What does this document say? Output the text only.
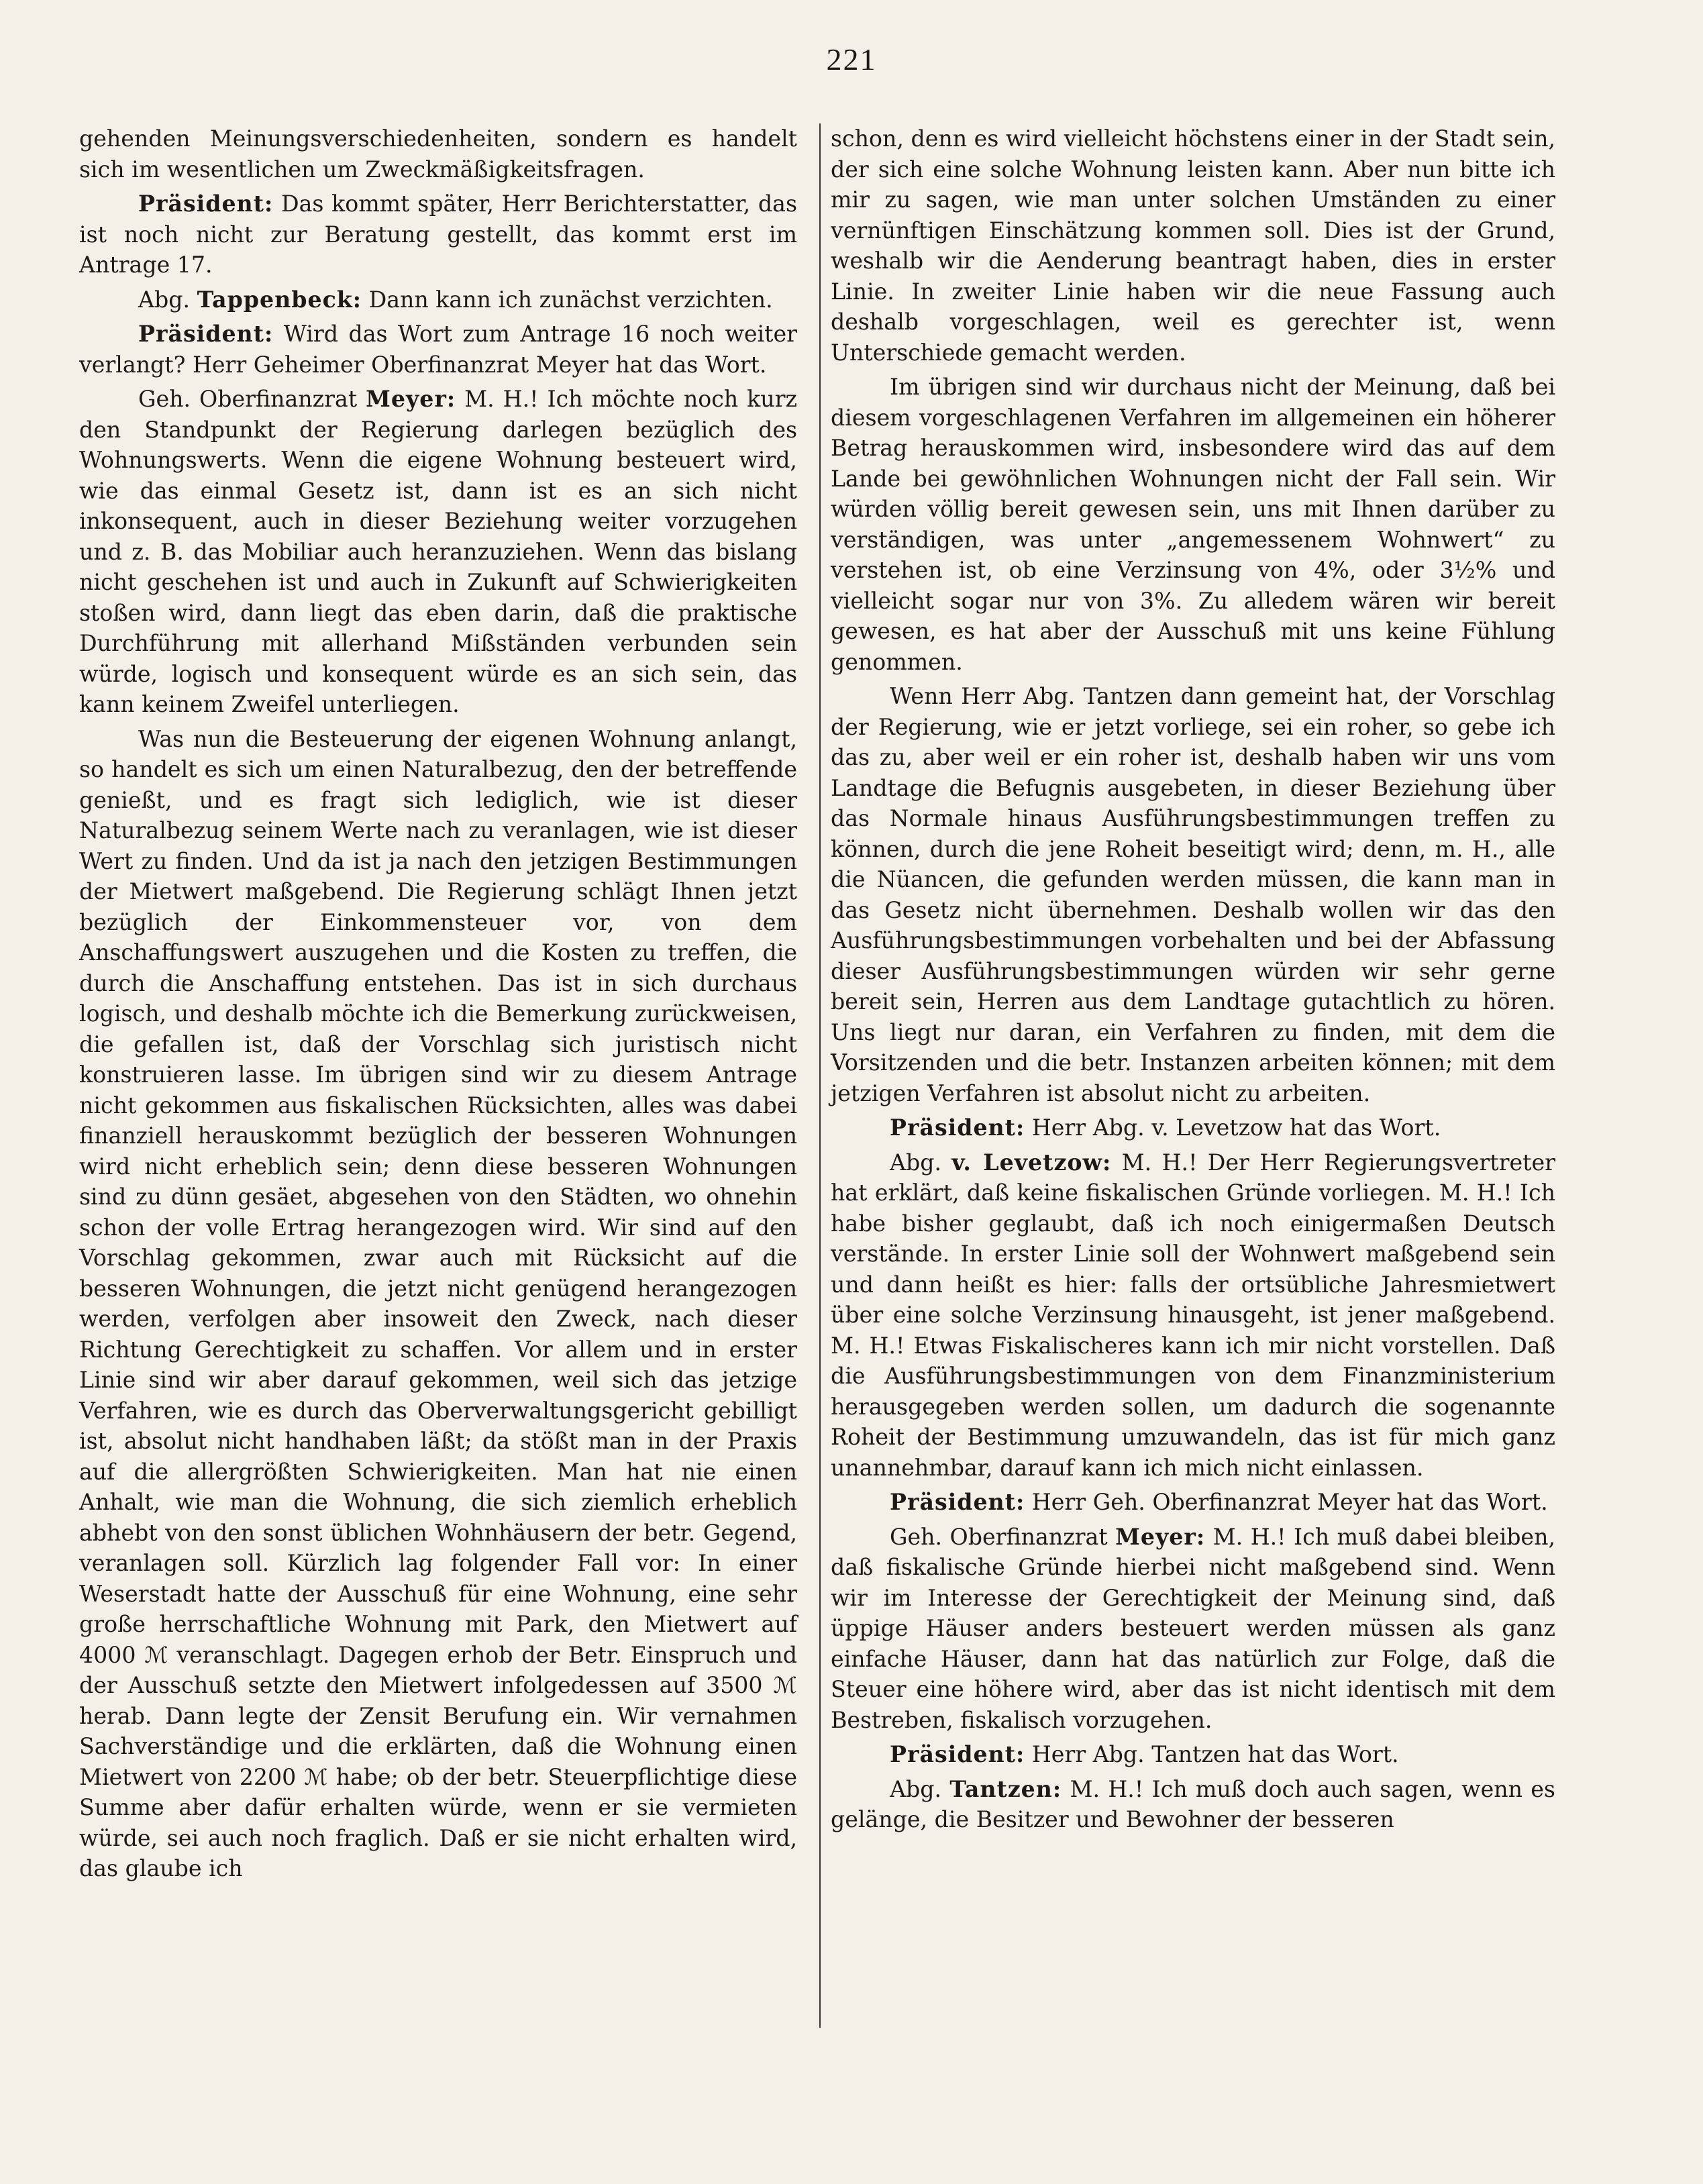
221

gehenden Meinungsverschiedenheiten, sondern es handelt sich im wesentlichen um Zweckmäßigkeitsfragen.

Präsident: Das kommt später, Herr Berichterstatter, das ist noch nicht zur Beratung gestellt, das kommt erst im Antrage 17.

Abg. Tappenbeck: Dann kann ich zunächst verzichten.

Präsident: Wird das Wort zum Antrage 16 noch weiter verlangt? Herr Geheimer Oberfinanzrat Meyer hat das Wort.

Geh. Oberfinanzrat Meyer: M. H.! Ich möchte noch kurz den Standpunkt der Regierung darlegen bezüglich des Wohnungswerts. Wenn die eigene Wohnung besteuert wird, wie das einmal Gesetz ist, dann ist es an sich nicht inkonsequent, auch in dieser Beziehung weiter vorzugehen und z. B. das Mobiliar auch heranzuziehen. Wenn das bislang nicht geschehen ist und auch in Zukunft auf Schwierigkeiten stoßen wird, dann liegt das eben darin, daß die praktische Durchführung mit allerhand Mißständen verbunden sein würde, logisch und konsequent würde es an sich sein, das kann keinem Zweifel unterliegen.

Was nun die Besteuerung der eigenen Wohnung anlangt, so handelt es sich um einen Naturalbezug, den der betreffende genießt, und es fragt sich lediglich, wie ist dieser Naturalbezug seinem Werte nach zu veranlagen, wie ist dieser Wert zu finden. Und da ist ja nach den jetzigen Bestimmungen der Mietwert maßgebend. Die Regierung schlägt Ihnen jetzt bezüglich der Einkommensteuer vor, von dem Anschaffungswert auszugehen und die Kosten zu treffen, die durch die Anschaffung entstehen. Das ist in sich durchaus logisch, und deshalb möchte ich die Bemerkung zurückweisen, die gefallen ist, daß der Vorschlag sich juristisch nicht konstruieren lasse. Im übrigen sind wir zu diesem Antrage nicht gekommen aus fiskalischen Rücksichten, alles was dabei finanziell herauskommt bezüglich der besseren Wohnungen wird nicht erheblich sein; denn diese besseren Wohnungen sind zu dünn gesäet, abgesehen von den Städten, wo ohnehin schon der volle Ertrag herangezogen wird. Wir sind auf den Vorschlag gekommen, zwar auch mit Rücksicht auf die besseren Wohnungen, die jetzt nicht genügend herangezogen werden, verfolgen aber insoweit den Zweck, nach dieser Richtung Gerechtigkeit zu schaffen. Vor allem und in erster Linie sind wir aber darauf gekommen, weil sich das jetzige Verfahren, wie es durch das Oberverwaltungsgericht gebilligt ist, absolut nicht handhaben läßt; da stößt man in der Praxis auf die allergrößten Schwierigkeiten. Man hat nie einen Anhalt, wie man die Wohnung, die sich ziemlich erheblich abhebt von den sonst üblichen Wohnhäusern der betr. Gegend, veranlagen soll. Kürzlich lag folgender Fall vor: In einer Weserstadt hatte der Ausschuß für eine Wohnung, eine sehr große herrschaftliche Wohnung mit Park, den Mietwert auf 4000 ℳ veranschlagt. Dagegen erhob der Betr. Einspruch und der Ausschuß setzte den Mietwert infolgedessen auf 3500 ℳ herab. Dann legte der Zensit Berufung ein. Wir vernahmen Sachverständige und die erklärten, daß die Wohnung einen Mietwert von 2200 ℳ habe; ob der betr. Steuerpflichtige diese Summe aber dafür erhalten würde, wenn er sie vermieten würde, sei auch noch fraglich. Daß er sie nicht erhalten wird, das glaube ich

schon, denn es wird vielleicht höchstens einer in der Stadt sein, der sich eine solche Wohnung leisten kann. Aber nun bitte ich mir zu sagen, wie man unter solchen Umständen zu einer vernünftigen Einschätzung kommen soll. Dies ist der Grund, weshalb wir die Aenderung beantragt haben, dies in erster Linie. In zweiter Linie haben wir die neue Fassung auch deshalb vorgeschlagen, weil es gerechter ist, wenn Unterschiede gemacht werden.

Im übrigen sind wir durchaus nicht der Meinung, daß bei diesem vorgeschlagenen Verfahren im allgemeinen ein höherer Betrag herauskommen wird, insbesondere wird das auf dem Lande bei gewöhnlichen Wohnungen nicht der Fall sein. Wir würden völlig bereit gewesen sein, uns mit Ihnen darüber zu verständigen, was unter „angemessenem Wohnwert“ zu verstehen ist, ob eine Verzinsung von 4%, oder 3½% und vielleicht sogar nur von 3%. Zu alledem wären wir bereit gewesen, es hat aber der Ausschuß mit uns keine Fühlung genommen.

Wenn Herr Abg. Tantzen dann gemeint hat, der Vorschlag der Regierung, wie er jetzt vorliege, sei ein roher, so gebe ich das zu, aber weil er ein roher ist, deshalb haben wir uns vom Landtage die Befugnis ausgebeten, in dieser Beziehung über das Normale hinaus Ausführungsbestimmungen treffen zu können, durch die jene Roheit beseitigt wird; denn, m. H., alle die Nüancen, die gefunden werden müssen, die kann man in das Gesetz nicht übernehmen. Deshalb wollen wir das den Ausführungsbestimmungen vorbehalten und bei der Abfassung dieser Ausführungsbestimmungen würden wir sehr gerne bereit sein, Herren aus dem Landtage gutachtlich zu hören. Uns liegt nur daran, ein Verfahren zu finden, mit dem die Vorsitzenden und die betr. Instanzen arbeiten können; mit dem jetzigen Verfahren ist absolut nicht zu arbeiten.

Präsident: Herr Abg. v. Levetzow hat das Wort.

Abg. v. Levetzow: M. H.! Der Herr Regierungsvertreter hat erklärt, daß keine fiskalischen Gründe vorliegen. M. H.! Ich habe bisher geglaubt, daß ich noch einigermaßen Deutsch verstände. In erster Linie soll der Wohnwert maßgebend sein und dann heißt es hier: falls der ortsübliche Jahresmietwert über eine solche Verzinsung hinausgeht, ist jener maßgebend. M. H.! Etwas Fiskalischeres kann ich mir nicht vorstellen. Daß die Ausführungsbestimmungen von dem Finanzministerium herausgegeben werden sollen, um dadurch die sogenannte Roheit der Bestimmung umzuwandeln, das ist für mich ganz unannehmbar, darauf kann ich mich nicht einlassen.

Präsident: Herr Geh. Oberfinanzrat Meyer hat das Wort.

Geh. Oberfinanzrat Meyer: M. H.! Ich muß dabei bleiben, daß fiskalische Gründe hierbei nicht maßgebend sind. Wenn wir im Interesse der Gerechtigkeit der Meinung sind, daß üppige Häuser anders besteuert werden müssen als ganz einfache Häuser, dann hat das natürlich zur Folge, daß die Steuer eine höhere wird, aber das ist nicht identisch mit dem Bestreben, fiskalisch vorzugehen.

Präsident: Herr Abg. Tantzen hat das Wort.

Abg. Tantzen: M. H.! Ich muß doch auch sagen, wenn es gelänge, die Besitzer und Bewohner der besseren
